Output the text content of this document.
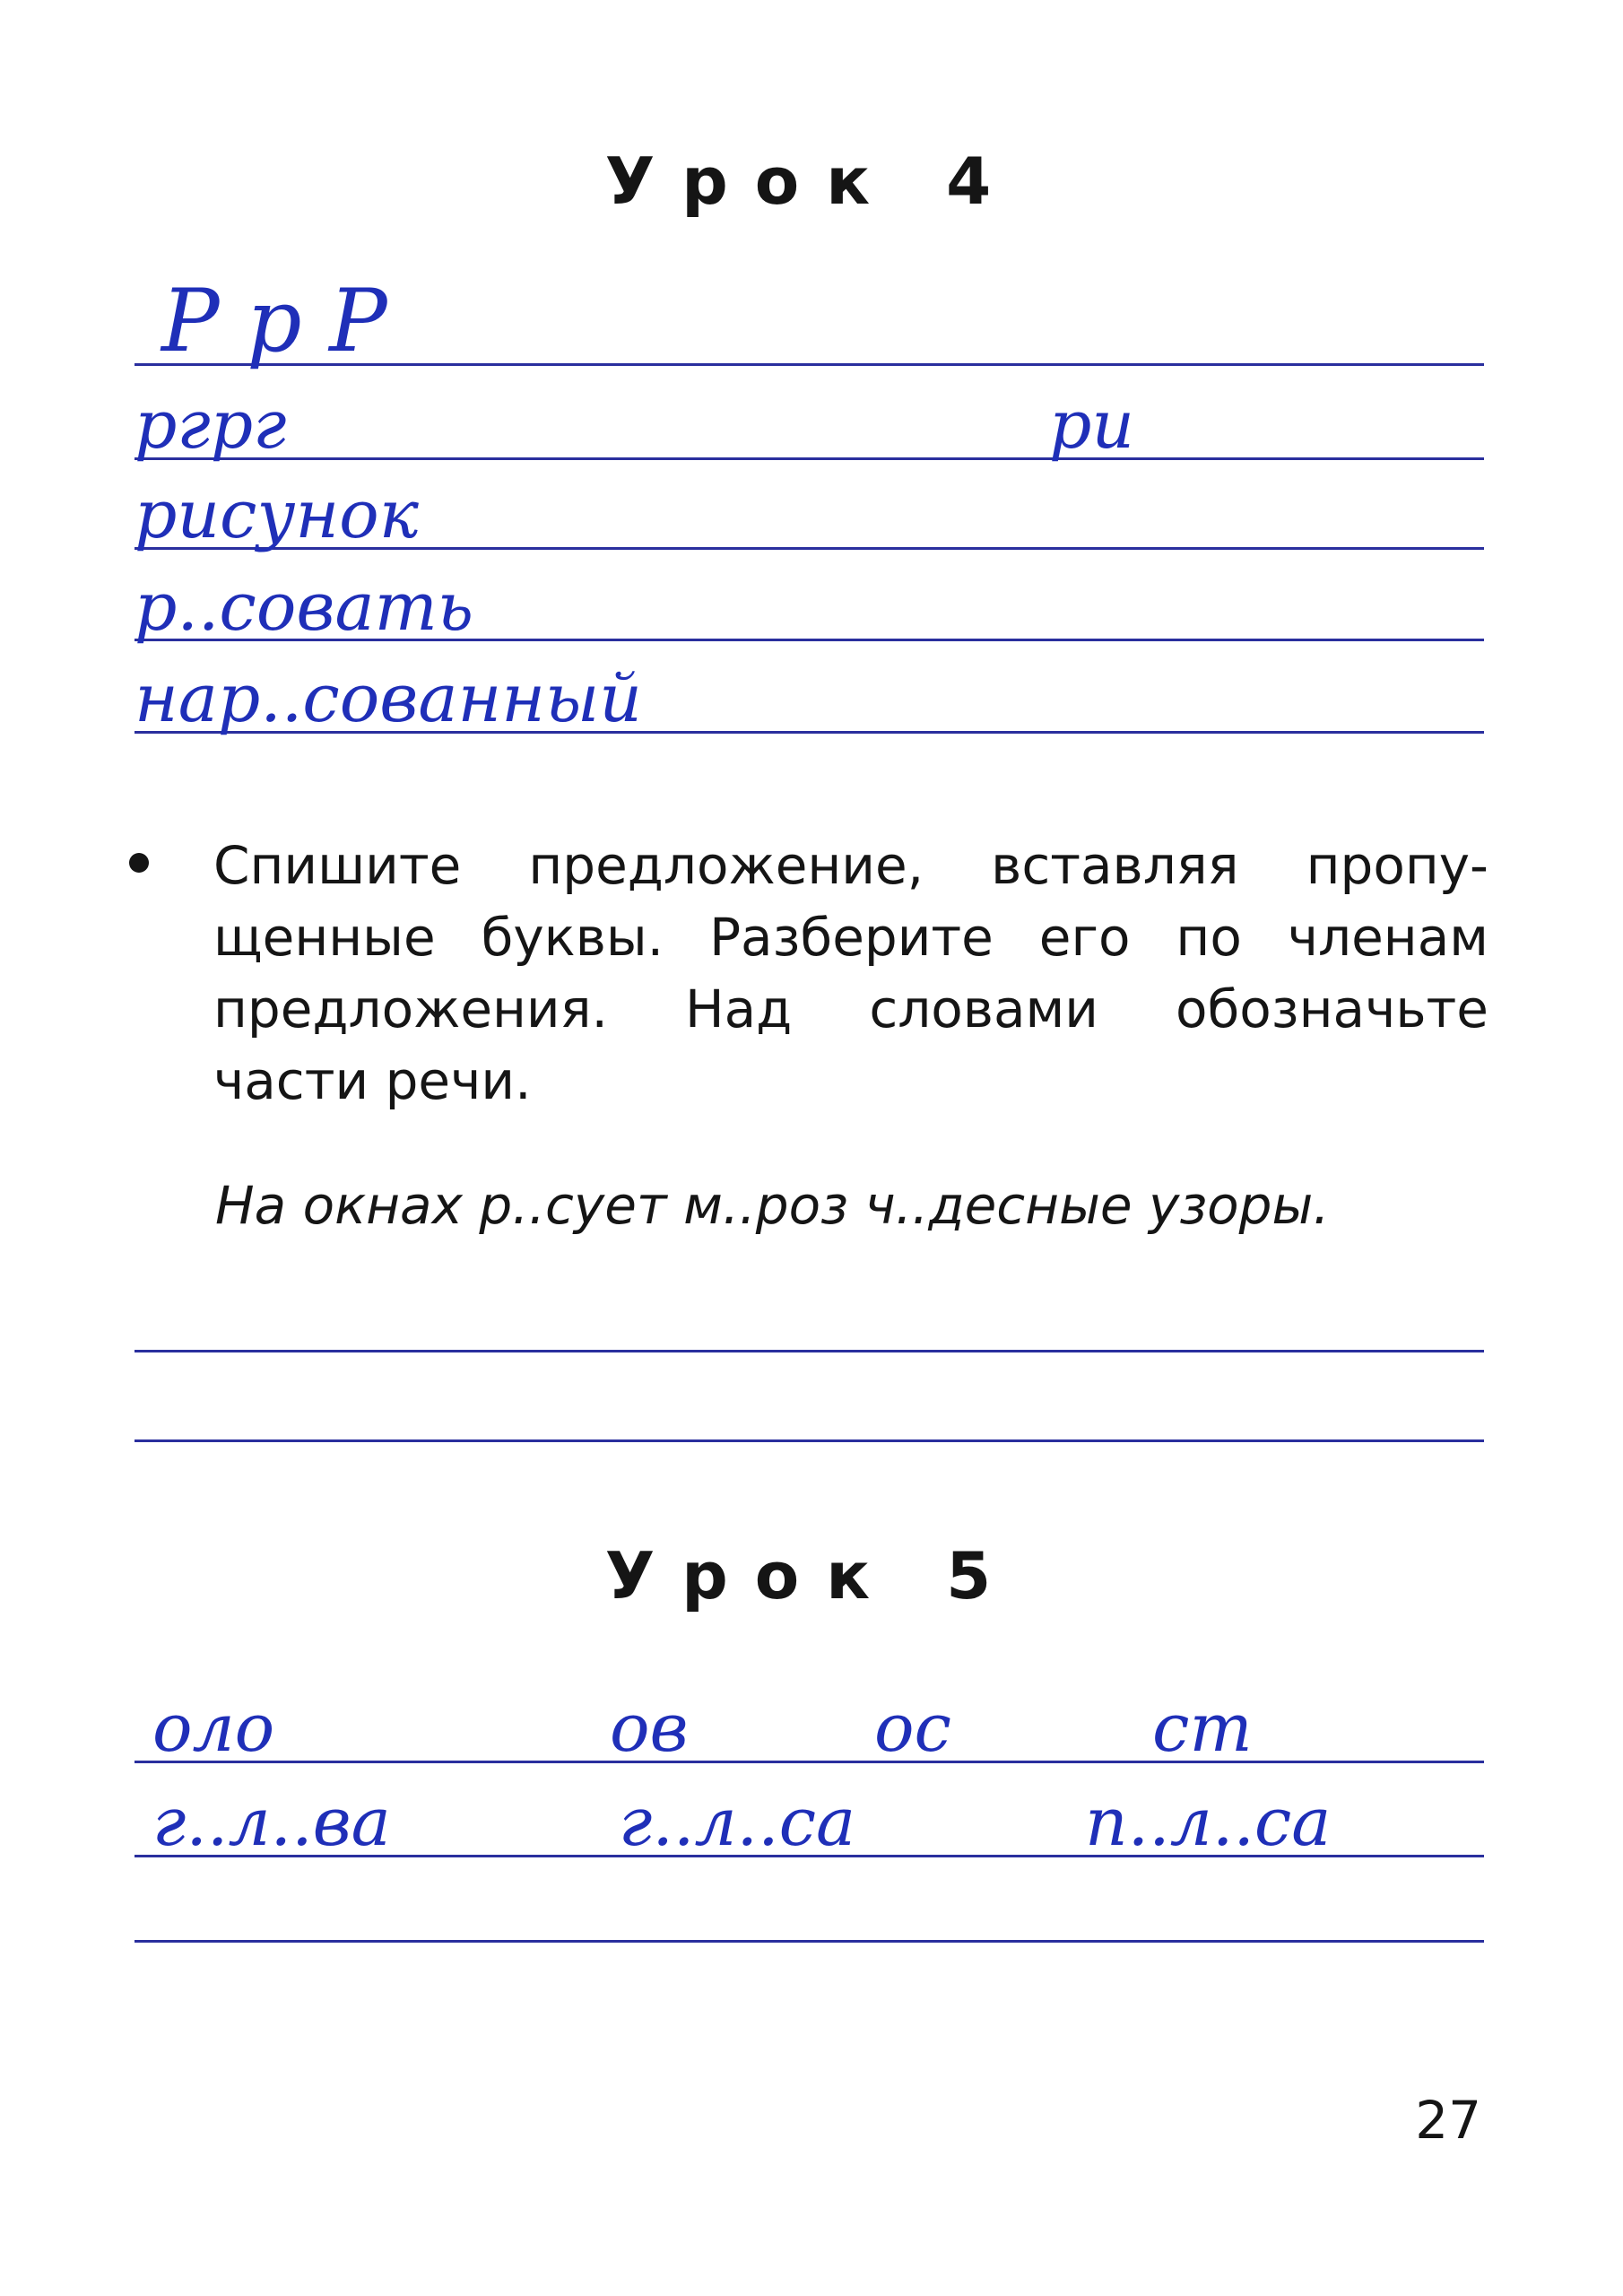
Урок 4
Р р Р
ргрг	ри
рисунок
р..совать
нар..сованный
Спишите предложение, вставляя пропу-
щенные буквы. Разберите его по членам
предложения. Над словами обозначьте
части речи.
На окнах р..сует м..роз ч..десные узоры.
Урок 5
оло	ов	ос	ст
г..л..ва	г..л..са	п..л..са
27
